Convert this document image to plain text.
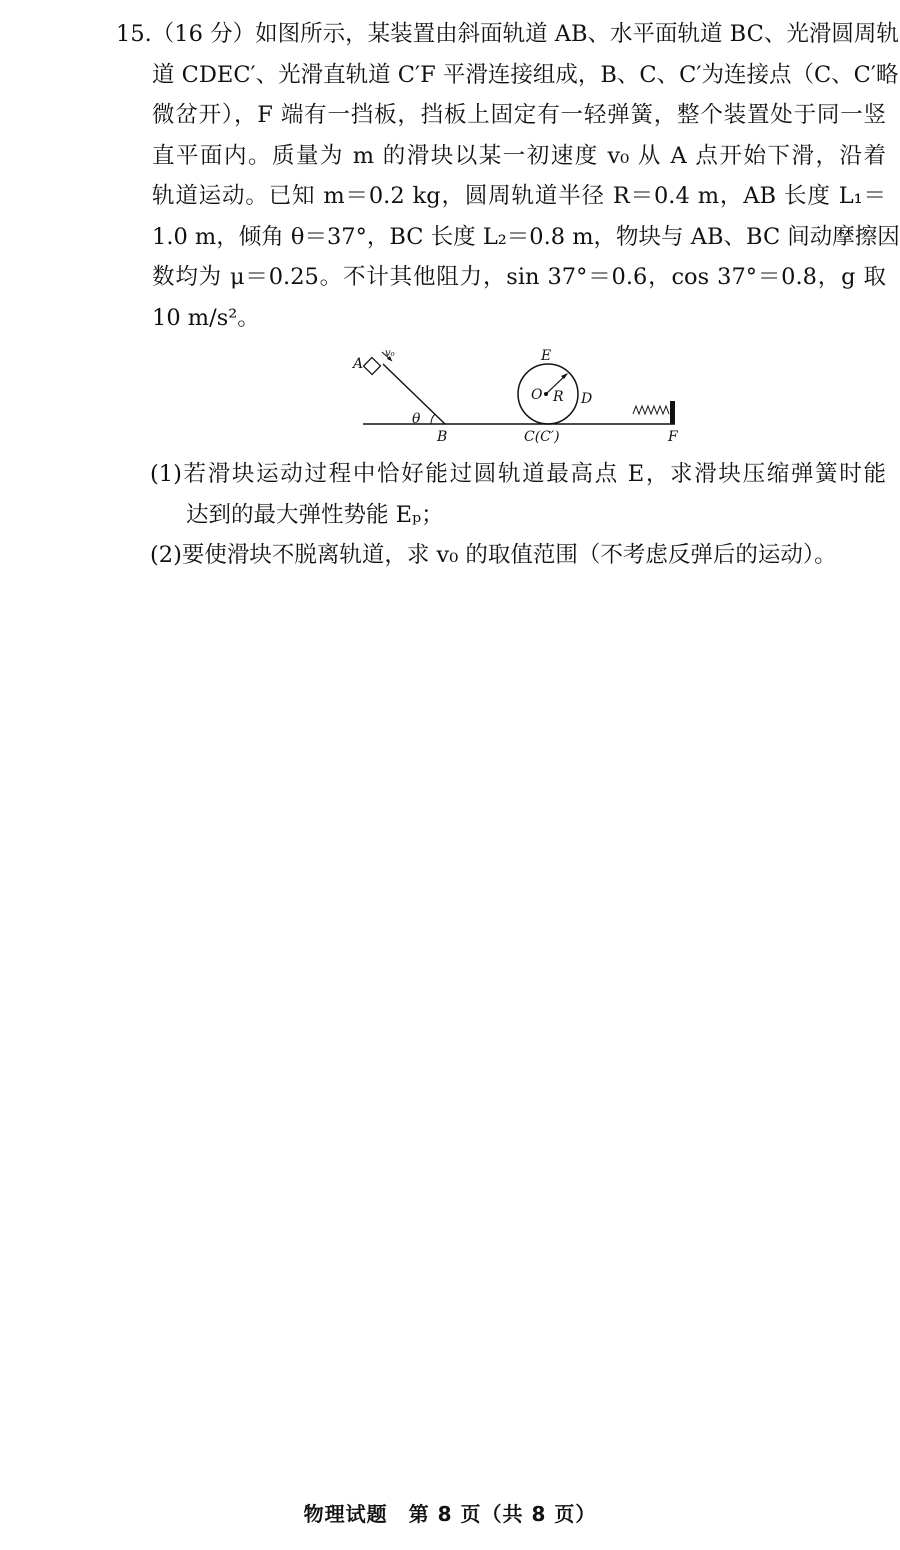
15.（16 分）如图所示，某装置由斜面轨道 AB、水平面轨道 BC、光滑圆周轨
道 CDEC′、光滑直轨道 C′F 平滑连接组成，B、C、C′为连接点（C、C′略
微岔开），F 端有一挡板，挡板上固定有一轻弹簧，整个装置处于同一竖
直平面内。质量为 m 的滑块以某一初速度 v₀ 从 A 点开始下滑，沿着
轨道运动。已知 m＝0.2 kg，圆周轨道半径 R＝0.4 m，AB 长度 L₁＝
1.0 m，倾角 θ＝37°，BC 长度 L₂＝0.8 m，物块与 AB、BC 间动摩擦因
数均为 μ＝0.25。不计其他阻力，sin 37°＝0.6，cos 37°＝0.8，g 取
10 m/s²。
A
v₀
θ
B
E
O R D
C(C′)	F
(1)若滑块运动过程中恰好能过圆轨道最高点 E，求滑块压缩弹簧时能
达到的最大弹性势能 Eₚ；
(2)要使滑块不脱离轨道，求 v₀ 的取值范围（不考虑反弹后的运动）。
物理试题　第 8 页（共 8 页）
